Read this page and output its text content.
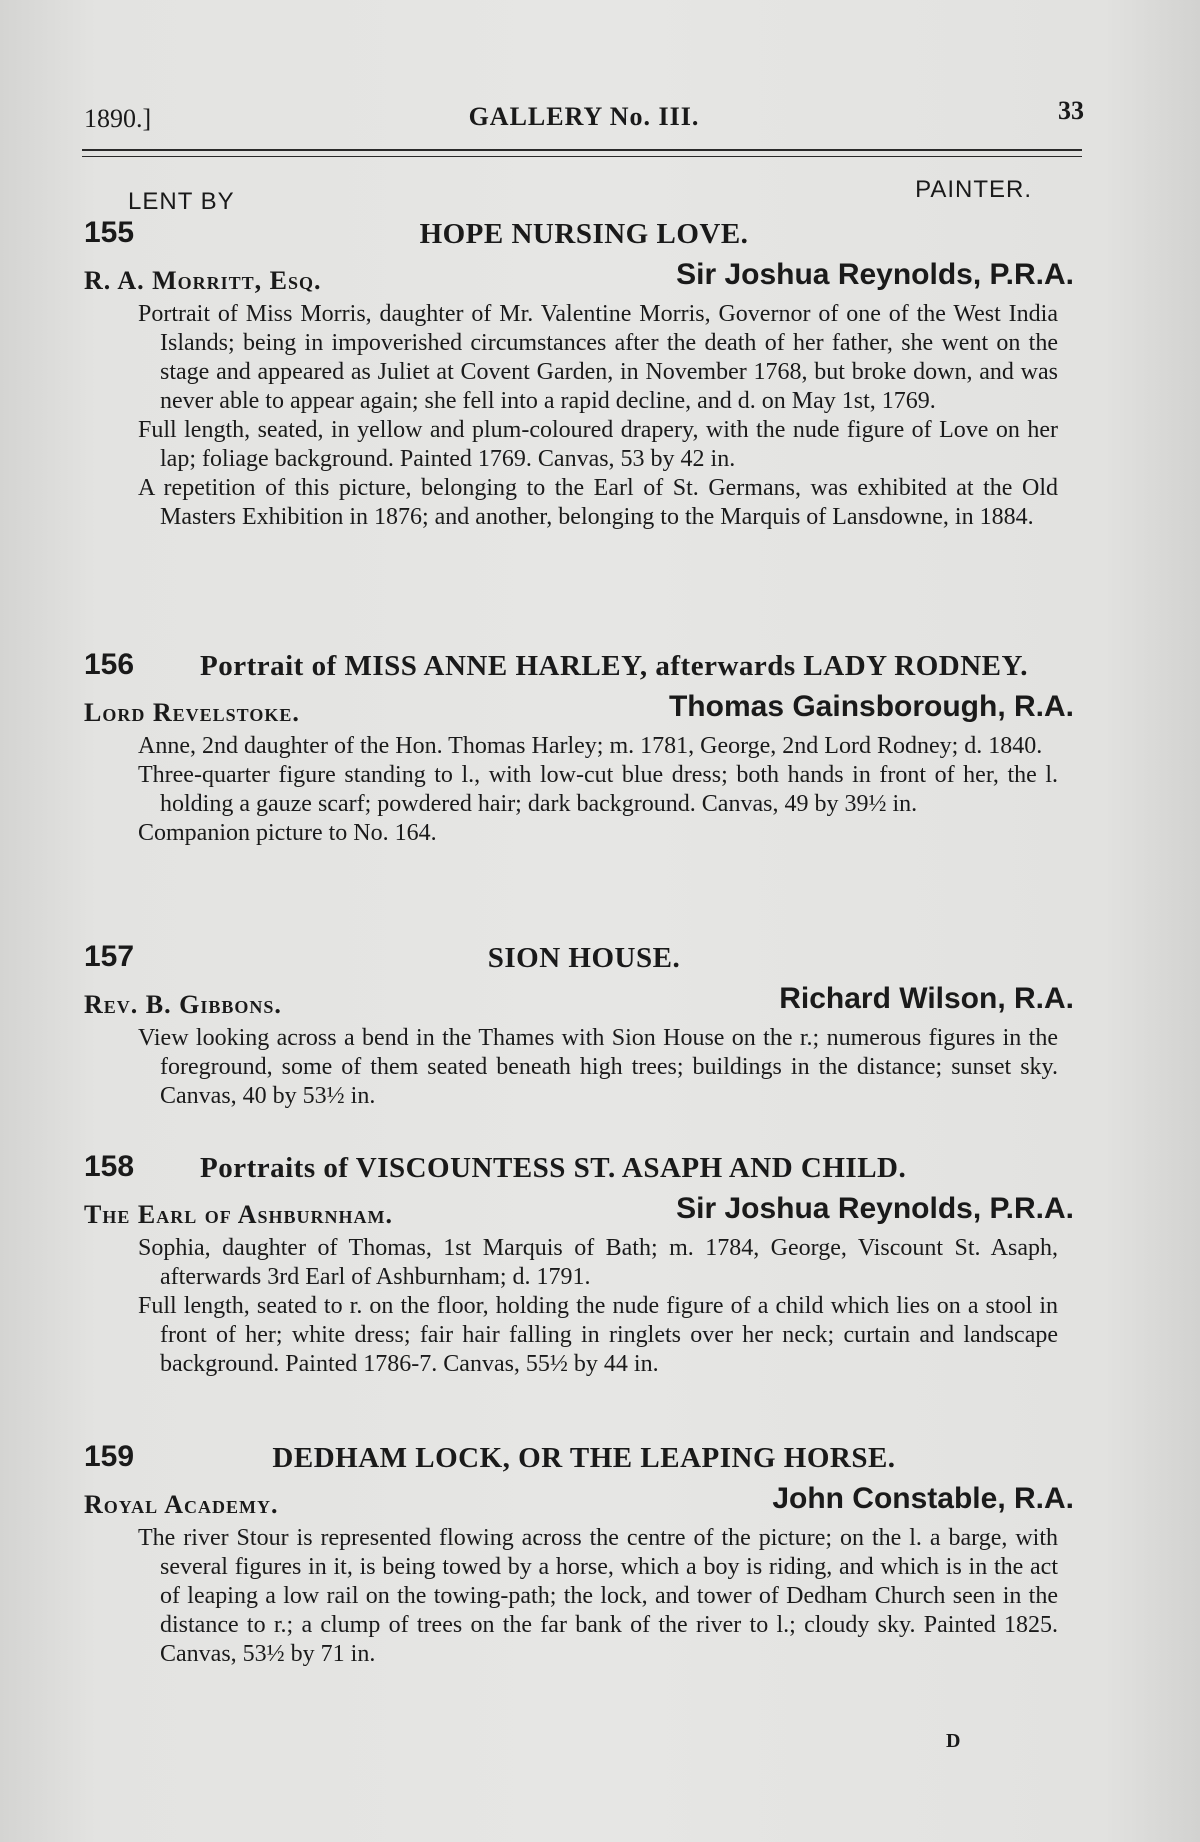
1890.]	GALLERY No. III.	33
PAINTER.
LENT BY
155	HOPE NURSING LOVE.
R. A. Morritt, Esq.	Sir Joshua Reynolds, P.R.A.

Portrait of Miss Morris, daughter of Mr. Valentine Morris, Governor of one of the West India Islands; being in impoverished circumstances after the death of her father, she went on the stage and appeared as Juliet at Covent Garden, in November 1768, but broke down, and was never able to appear again; she fell into a rapid decline, and d. on May 1st, 1769.

Full length, seated, in yellow and plum-coloured drapery, with the nude figure of Love on her lap; foliage background. Painted 1769. Canvas, 53 by 42 in.

A repetition of this picture, belonging to the Earl of St. Germans, was exhibited at the Old Masters Exhibition in 1876; and another, belonging to the Marquis of Lansdowne, in 1884.

156 Portrait of MISS ANNE HARLEY, afterwards LADY RODNEY.
Lord Revelstoke.	Thomas Gainsborough, R.A.

Anne, 2nd daughter of the Hon. Thomas Harley; m. 1781, George, 2nd Lord Rodney; d. 1840.

Three-quarter figure standing to l., with low-cut blue dress; both hands in front of her, the l. holding a gauze scarf; powdered hair; dark background. Canvas, 49 by 39½ in.

Companion picture to No. 164.

157	SION HOUSE.
Rev. B. Gibbons.	Richard Wilson, R.A.

View looking across a bend in the Thames with Sion House on the r.; numerous figures in the foreground, some of them seated beneath high trees; buildings in the distance; sunset sky. Canvas, 40 by 53½ in.

158 Portraits of VISCOUNTESS ST. ASAPH AND CHILD.
The Earl of Ashburnham.	Sir Joshua Reynolds, P.R.A.

Sophia, daughter of Thomas, 1st Marquis of Bath; m. 1784, George, Viscount St. Asaph, afterwards 3rd Earl of Ashburnham; d. 1791.

Full length, seated to r. on the floor, holding the nude figure of a child which lies on a stool in front of her; white dress; fair hair falling in ringlets over her neck; curtain and landscape background. Painted 1786-7. Canvas, 55½ by 44 in.

159	DEDHAM LOCK, OR THE LEAPING HORSE.
Royal Academy.	John Constable, R.A.

The river Stour is represented flowing across the centre of the picture; on the l. a barge, with several figures in it, is being towed by a horse, which a boy is riding, and which is in the act of leaping a low rail on the towing-path; the lock, and tower of Dedham Church seen in the distance to r.; a clump of trees on the far bank of the river to l.; cloudy sky. Painted 1825. Canvas, 53½ by 71 in.

D
